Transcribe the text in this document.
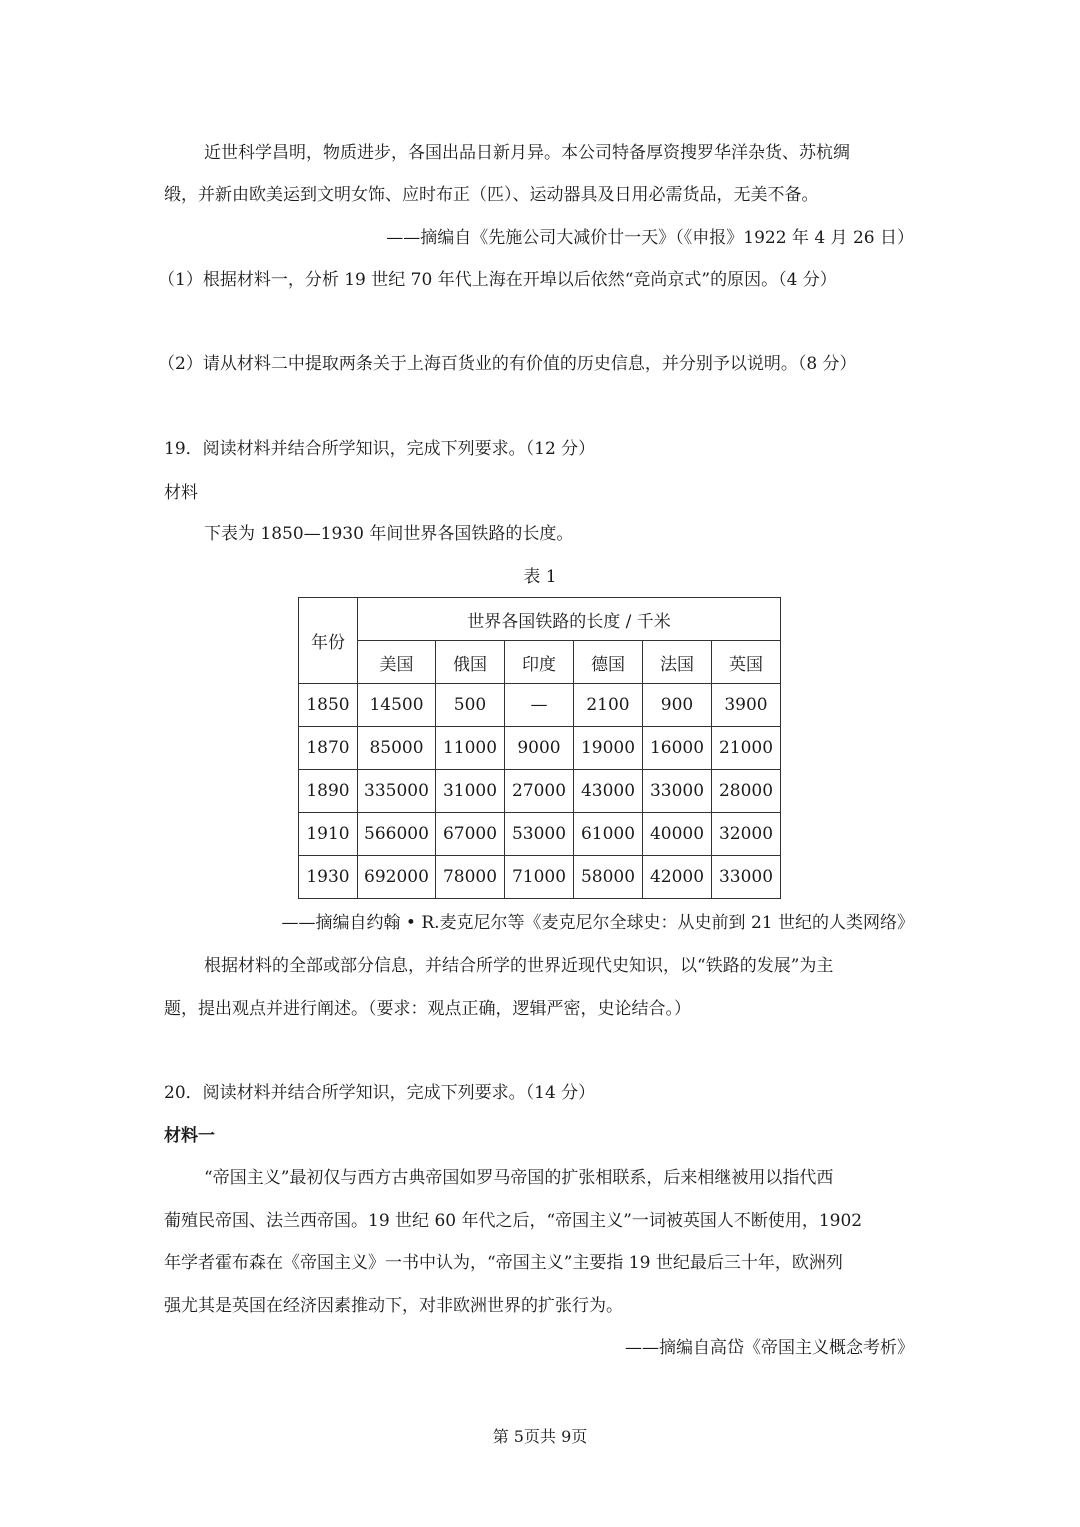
近世科学昌明，物质进步，各国出品日新月异。本公司特备厚资搜罗华洋杂货、苏杭绸
缎，并新由欧美运到文明女饰、应时布正（匹）、运动器具及日用必需货品，无美不备。
——摘编自《先施公司大减价廿一天》（《申报》1922 年 4 月 26 日）
（1）根据材料一，分析 19 世纪 70 年代上海在开埠以后依然“竞尚京式”的原因。（4 分）
（2）请从材料二中提取两条关于上海百货业的有价值的历史信息，并分别予以说明。（8 分）
19．阅读材料并结合所学知识，完成下列要求。（12 分）
材料
下表为 1850—1930 年间世界各国铁路的长度。
表 1
年份	世界各国铁路的长度 / 千米					
	美国	俄国	印度	德国	法国	英国
1850	14500	500	—	2100	900	3900
1870	85000	11000	9000	19000	16000	21000
1890	335000	31000	27000	43000	33000	28000
1910	566000	67000	53000	61000	40000	32000
1930	692000	78000	71000	58000	42000	33000
——摘编自约翰 • R.麦克尼尔等《麦克尼尔全球史：从史前到 21 世纪的人类网络》
根据材料的全部或部分信息，并结合所学的世界近现代史知识，以“铁路的发展”为主
题，提出观点并进行阐述。（要求：观点正确，逻辑严密，史论结合。）
20．阅读材料并结合所学知识，完成下列要求。（14 分）
材料一
“帝国主义”最初仅与西方古典帝国如罗马帝国的扩张相联系，后来相继被用以指代西
葡殖民帝国、法兰西帝国。19 世纪 60 年代之后，“帝国主义”一词被英国人不断使用，1902
年学者霍布森在《帝国主义》一书中认为，“帝国主义”主要指 19 世纪最后三十年，欧洲列
强尤其是英国在经济因素推动下，对非欧洲世界的扩张行为。
——摘编自高岱《帝国主义概念考析》
第 5页共 9页
